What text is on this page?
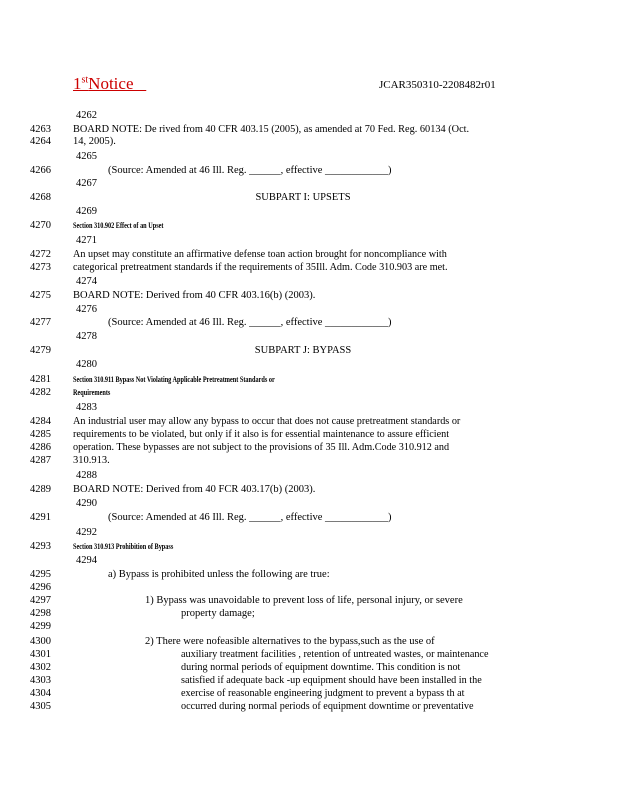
1stNotice	JCAR350310-2208482r01
4263
4264
4266
4268
4270
4272
4273
4275
4277
4279
4281
4282
4284
4285
4286
4287
4289
4291
4293
4295
4296
4297
4298
4299
4300
4301
4302
4303
4304
4305
4262
4265
4267
4269
4271
4274
4276
4278
4280
4283
4288
4290
4292
4294
BOARD NOTE: De rived from 40 CFR 403.15 (2005), as amended at 70 Fed. Reg. 60134 (Oct.
14, 2005).
(Source: Amended at 46 Ill. Reg. ______, effective ____________)
SUBPART I: UPSETS
Section 310.902 Effect of an Upset
An upset may constitute an affirmative defense toan action brought for noncompliance with
categorical pretreatment standards if the requirements of 35Ill. Adm. Code 310.903 are met.
BOARD NOTE: Derived from 40 CFR 403.16(b) (2003).
(Source: Amended at 46 Ill. Reg. ______, effective ____________)
SUBPART J: BYPASS
Section 310.911 Bypass Not Violating Applicable Pretreatment Standards or
Requirements
An industrial user may allow any bypass to occur that does not cause pretreatment standards or
requirements to be violated, but only if it also is for essential maintenance to assure efficient
operation. These bypasses are not subject to the provisions of 35 Ill. Adm.Code 310.912 and
310.913.
BOARD NOTE: Derived from 40 FCR 403.17(b) (2003).
(Source: Amended at 46 Ill. Reg. ______, effective ____________)
Section 310.913 Prohibition of Bypass
a) Bypass is prohibited unless the following are true:
1) Bypass was unavoidable to prevent loss of life, personal injury, or severe
property damage;
2) There were nofeasible alternatives to the bypass,such as the use of
auxiliary treatment facilities , retention of untreated wastes, or maintenance
during normal periods of equipment downtime. This condition is not
satisfied if adequate back -up equipment should have been installed in the
exercise of reasonable engineering judgment to prevent a bypass th at
occurred during normal periods of equipment downtime or preventative
